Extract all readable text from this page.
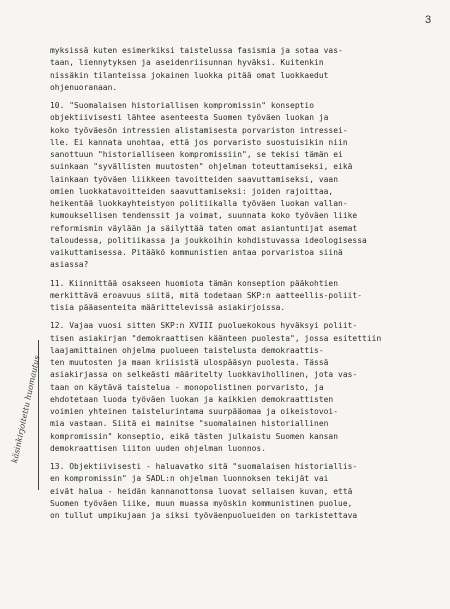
3
myksissä kuten esimerkiksi taistelussa fasismia ja sotaa vas-
taan, liennytyksen ja aseidenriisunnan hyväksi. Kuitenkin
nissäkin tilanteissa jokainen luokka pitää omat luokkaedut
ohjenuoranaan.
10. "Suomalaisen historiallisen kompromissin" konseptio
objektiivisesti lähtee asenteesta Suomen työväen luokan ja
koko työväesön intressien alistamisesta porvariston intressei-
lle. Ei kannata unohtaa, että jos porvaristo suostuisikin niin
sanottuun "historialliseen kompromissiin", se tekisi tämän ei
suinkaan "syvällisten muutosten" ohjelman toteuttamiseksi, eikä
lainkaan työväen liikkeen tavoitteiden saavuttamiseksi, vaan
omien luokkatavoitteiden saavuttamiseksi: joiden rajoittaa,
heikentää luokkayhteistyon politiikalla työväen luokan vallan-
kumouksellisen tendenssit ja voimat, suunnata koko työväen liike
reformismin väylään ja säilyttää taten omat asiantuntijat asemat
taloudessa, politiikassa ja joukkoihin kohdistuvassa ideologisessa
vaikuttamisessa. Pitääkö kommunistien antaa porvaristoa siinä
asiassa?
11. Kiinnittää osakseen huomiota tämän konseption pääkohtien
merkittävä eroavuus siitä, mitä todetaan SKP:n aatteellis-poliit-
tisia pääasenteita määrittelevissä asiakirjoissa.
12. Vajaa vuosi sitten SKP:n XVIII puoluekokous hyväksyi poliit-
tisen asiakirjan "demokraattisen käänteen puolesta", jossa esitettiin
laajamittainen ohjelma puolueen taistelusta demokraattis-
ten muutosten ja maan kriisistä ulospääsyn puolesta. Tässä
asiakirjassa on selkeästi määritelty luokkavihollinen, jota vas-
taan on käytävä taistelua - monopolistinen porvaristo, ja
ehdotetaan luoda työväen luokan ja kaikkien demokraattisten
voimien yhteinen taistelurintama suurpääomaa ja oikeistovoi-
mia vastaan. Siitä ei mainitse "suomalainen historiallinen
kompromissin" konseptio, eikä tästen julkaistu Suomen kansan
demokraattisen liiton uuden ohjelman luonnos.
13. Objektiivisesti - haluavatko sitä "suomalaisen historiallis-
en kompromissin" ja SADL:n ohjelman luonnoksen tekijät vai
eivät halua - heidän kannanottonsa luovat sellaisen kuvan, että
Suomen työväen liike, muun muassa myöskin kommunistinen puolue,
on tullut umpikujaan ja siksi työväenpuolueiden on tarkistettava
käsinkirjoitettu huomautus
